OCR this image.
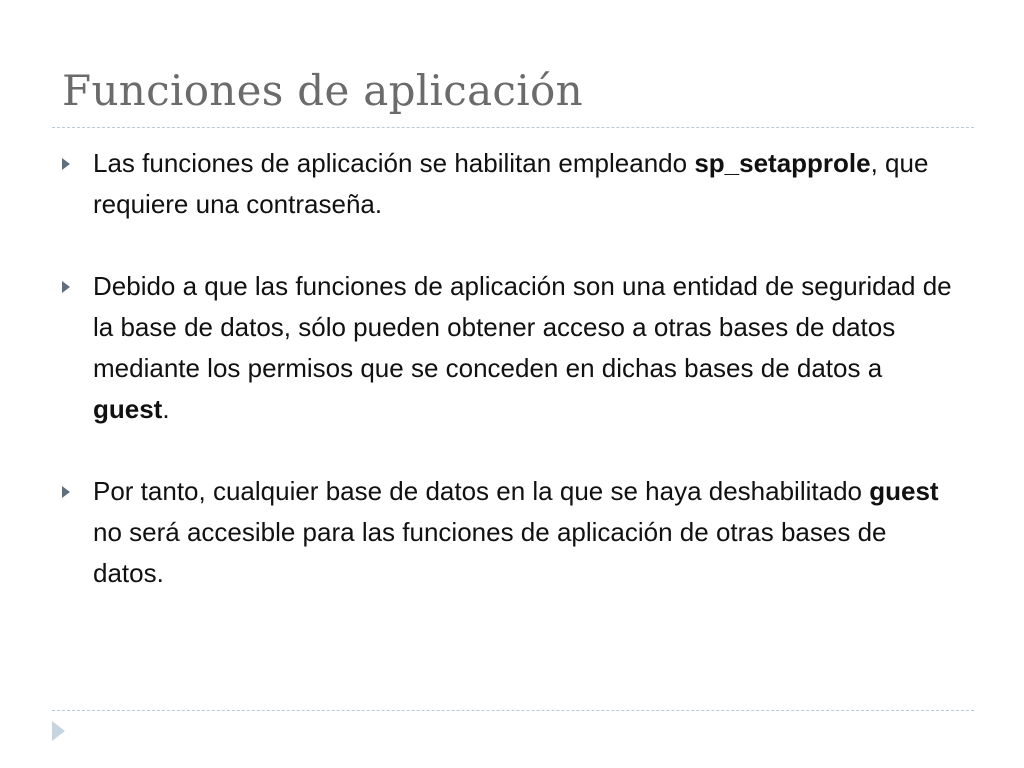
Funciones de aplicación
Las funciones de aplicación se habilitan empleando sp_setapprole, que requiere una contraseña.
Debido a que las funciones de aplicación son una entidad de seguridad de la base de datos, sólo pueden obtener acceso a otras bases de datos mediante los permisos que se conceden en dichas bases de datos a guest.
Por tanto, cualquier base de datos en la que se haya deshabilitado guest no será accesible para las funciones de aplicación de otras bases de datos.
